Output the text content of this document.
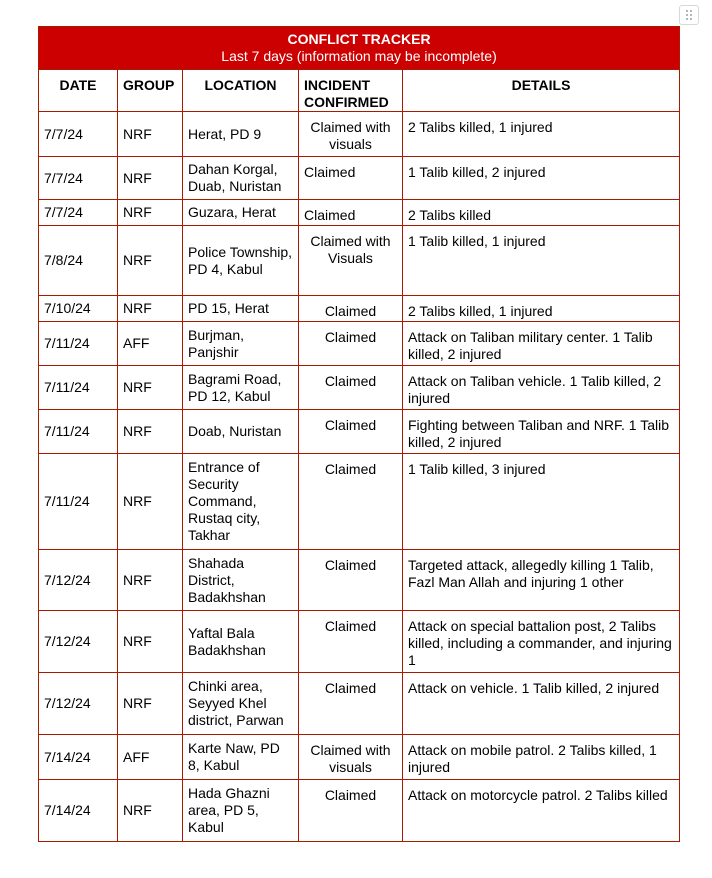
CONFLICT TRACKER
Last 7 days (information may be incomplete)				

DATE	GROUP	LOCATION	INCIDENT CONFIRMED	DETAILS
7/7/24	NRF	Herat, PD 9	Claimed with visuals	2 Talibs killed, 1 injured
7/7/24	NRF	Dahan Korgal, Duab, Nuristan	Claimed	1 Talib killed, 2 injured
7/7/24	NRF	Guzara, Herat	Claimed	2 Talibs killed
7/8/24	NRF	Police Township, PD 4, Kabul	Claimed with Visuals	1 Talib killed, 1 injured
7/10/24	NRF	PD 15, Herat	Claimed	2 Talibs killed, 1 injured
7/11/24	AFF	Burjman, Panjshir	Claimed	Attack on Taliban military center. 1 Talib killed, 2 injured
7/11/24	NRF	Bagrami Road, PD 12, Kabul	Claimed	Attack on Taliban vehicle. 1 Talib killed, 2 injured
7/11/24	NRF	Doab, Nuristan	Claimed	Fighting between Taliban and NRF. 1 Talib killed, 2 injured
7/11/24	NRF	Entrance of Security Command, Rustaq city, Takhar	Claimed	1 Talib killed, 3 injured
7/12/24	NRF	Shahada District, Badakhshan	Claimed	Targeted attack, allegedly killing 1 Talib, Fazl Man Allah and injuring 1 other
7/12/24	NRF	Yaftal Bala Badakhshan	Claimed	Attack on special battalion post, 2 Talibs killed, including a commander, and injuring 1
7/12/24	NRF	Chinki area, Seyyed Khel district, Parwan	Claimed	Attack on vehicle. 1 Talib killed, 2 injured
7/14/24	AFF	Karte Naw, PD 8, Kabul	Claimed with visuals	Attack on mobile patrol. 2 Talibs killed, 1 injured
7/14/24	NRF	Hada Ghazni area, PD 5, Kabul	Claimed	Attack on motorcycle patrol. 2 Talibs killed
